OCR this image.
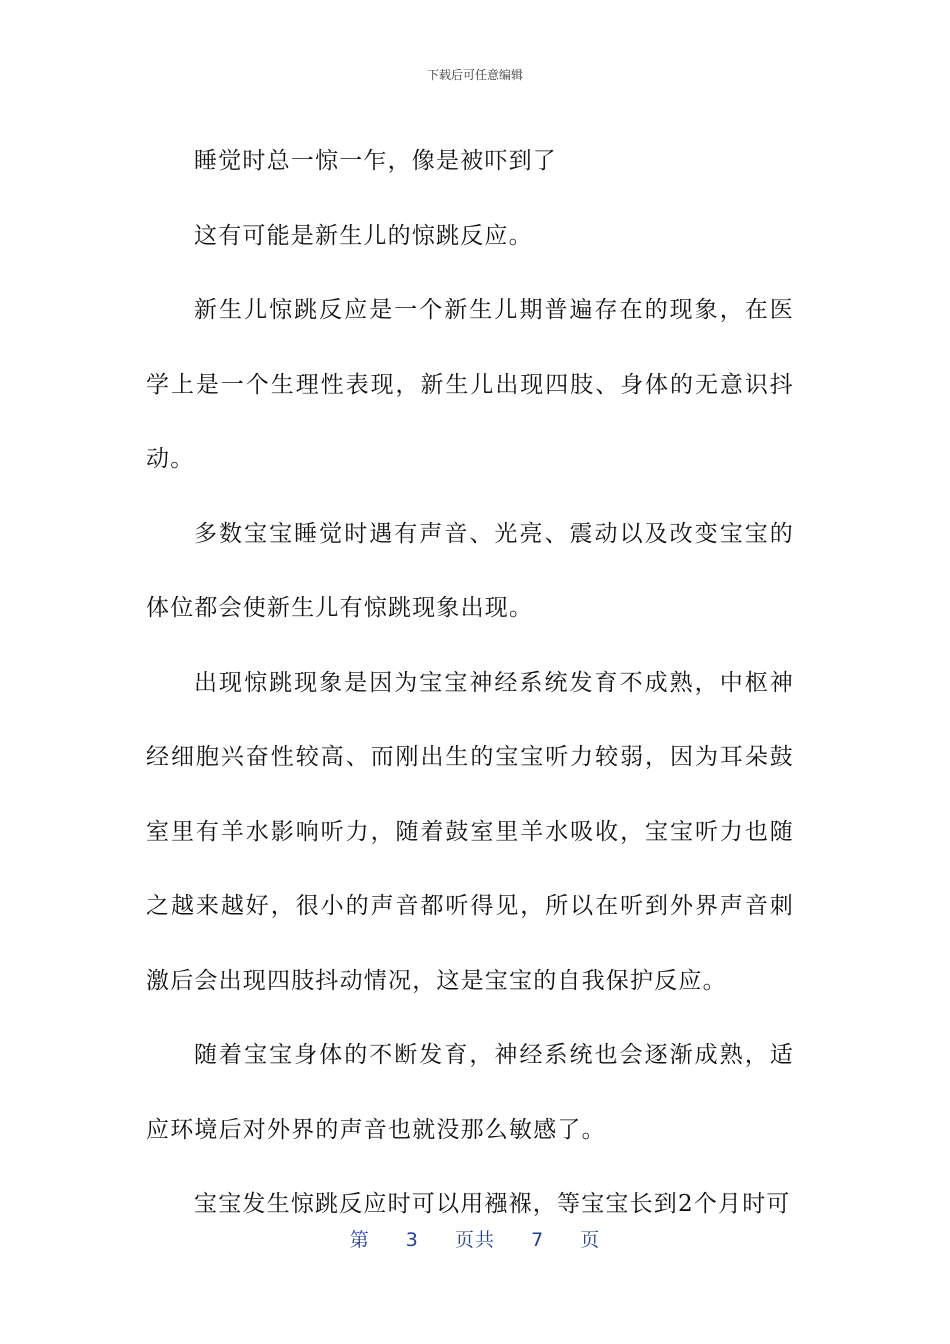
下载后可任意编辑

睡觉时总一惊一乍，像是被吓到了

这有可能是新生儿的惊跳反应。

新生儿惊跳反应是一个新生儿期普遍存在的现象，在医学上是一个生理性表现，新生儿出现四肢、身体的无意识抖动。

多数宝宝睡觉时遇有声音、光亮、震动以及改变宝宝的体位都会使新生儿有惊跳现象出现。

出现惊跳现象是因为宝宝神经系统发育不成熟，中枢神经细胞兴奋性较高、而刚出生的宝宝听力较弱，因为耳朵鼓室里有羊水影响听力，随着鼓室里羊水吸收，宝宝听力也随之越来越好，很小的声音都听得见，所以在听到外界声音刺激后会出现四肢抖动情况，这是宝宝的自我保护反应。

随着宝宝身体的不断发育，神经系统也会逐渐成熟，适应环境后对外界的声音也就没那么敏感了。

宝宝发生惊跳反应时可以用襁褓，等宝宝长到2个月时可

第 3 页共 7 页
